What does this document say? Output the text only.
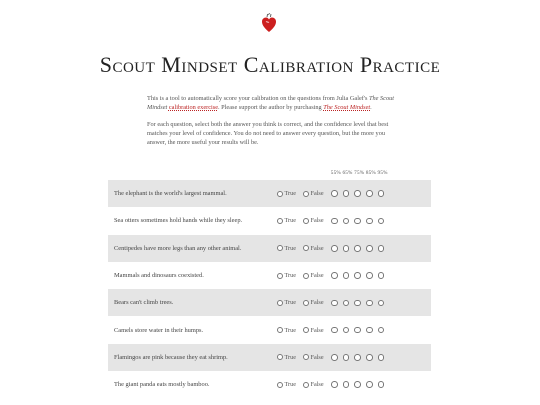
Scout Mindset Calibration Practice

This is a tool to automatically score your calibration on the questions from Julia Galef's The Scout Mindset calibration exercise. Please support the author by purchasing The Scout Mindset.

For each question, select both the answer you think is correct, and the confidence level that best matches your level of confidence. You do not need to answer every question, but the more you answer, the more useful your results will be.

55% 65% 75% 85% 95%
The elephant is the world's largest mammal.	True False
Sea otters sometimes hold hands while they sleep.	True False
Centipedes have more legs than any other animal.	True False
Mammals and dinosaurs coexisted.	True False
Bears can't climb trees.	True False
Camels store water in their humps.	True False
Flamingos are pink because they eat shrimp.	True False
The giant panda eats mostly bamboo.	True False
